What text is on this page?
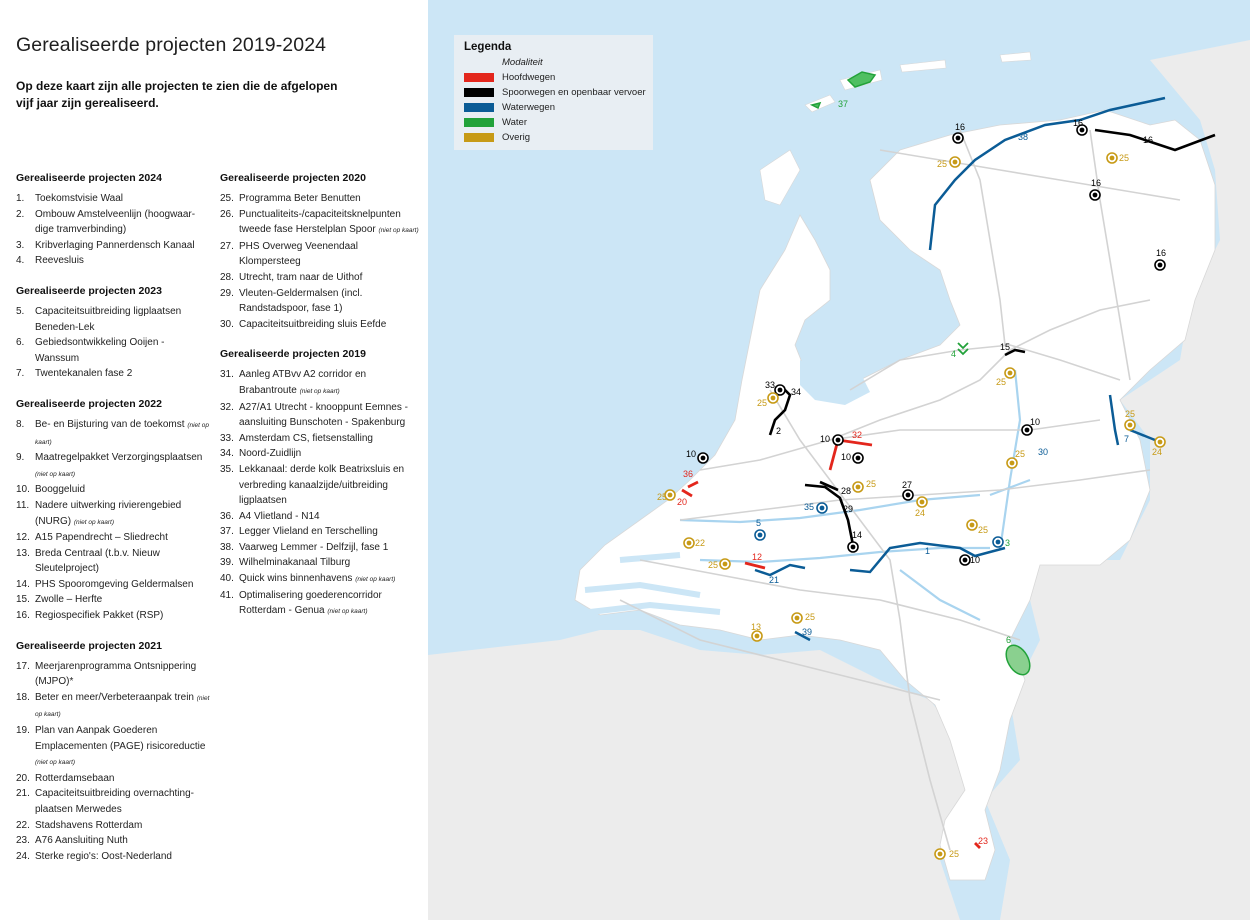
Gerealiseerde projecten 2019-2024
Op deze kaart zijn alle projecten te zien die de afgelopen vijf jaar zijn gerealiseerd.
Gerealiseerde projecten 2024
1.	Toekomstvisie Waal
2.	Ombouw Amstelveenlijn (hoogwaar-dige tramverbinding)
3.	Kribverlaging Pannerdensch Kanaal
4.	Reevesluis
Gerealiseerde projecten 2023
5.	Capaciteitsuitbreiding ligplaatsen Beneden-Lek
6.	Gebiedsontwikkeling Ooijen - Wanssum
7.	Twentekanalen fase 2
Gerealiseerde projecten 2022
8.	Be- en Bijsturing van de toekomst (niet op kaart)
9.	Maatregelpakket Verzorgingsplaatsen (niet op kaart)
10. Booggeluid
11. Nadere uitwerking rivierengebied (NURG) (niet op kaart)
12. A15 Papendrecht – Sliedrecht
13. Breda Centraal (t.b.v. Nieuw Sleutelproject)
14. PHS Spooromgeving Geldermalsen
15. Zwolle – Herfte
16. Regiospecifiek Pakket (RSP)
Gerealiseerde projecten 2021
17. Meerjarenprogramma Ontsnippering (MJPO)*
18. Beter en meer/Verbeteraanpak trein (niet op kaart)
19. Plan van Aanpak Goederen Emplacementen (PAGE) risicoreductie (niet op kaart)
20. Rotterdamsebaan
21. Capaciteitsuitbreiding overnachting-plaatsen Merwedes
22. Stadshavens Rotterdam
23. A76 Aansluiting Nuth
24. Sterke regio's: Oost-Nederland
Gerealiseerde projecten 2020
25. Programma Beter Benutten
26. Punctualiteits-/capaciteitsknelpunten tweede fase Herstelplan Spoor (niet op kaart)
27. PHS Overweg Veenendaal Klompersteeg
28. Utrecht, tram naar de Uithof
29. Vleuten-Geldermalsen (incl. Randstadspoor, fase 1)
30. Capaciteitsuitbreiding sluis Eefde
Gerealiseerde projecten 2019
31. Aanleg ATBvv A2 corridor en Brabantroute (niet op kaart)
32. A27/A1 Utrecht - knooppunt Eemnes - aansluiting Bunschoten - Spakenburg
33. Amsterdam CS, fietsenstalling
34. Noord-Zuidlijn
35. Lekkanaal: derde kolk Beatrixsluis en verbreding kanaalzijde/uitbreiding ligplaatsen
36. A4 Vlietland - N14
37. Legger Vlieland en Terschelling
38. Vaarweg Lemmer - Delfzijl, fase 1
39. Wilhelminakanaal Tilburg
40. Quick wins binnenhavens (niet op kaart)
41. Optimalisering goederencorridor Rotterdam - Genua (niet op kaart)
37
16	16
16
16
16
25
25
38
4
15
25
33
34
25
2
10 32
10
10
10
25 30
7
25
24
36
25 20
28
25	27
24
35	29
5
25
3
22
14
1
25
12
21
10
25
13	39
6
23
25
Legenda
Modaliteit
Hoofdwegen
Spoorwegen en openbaar vervoer
Waterwegen
Water
Overig
